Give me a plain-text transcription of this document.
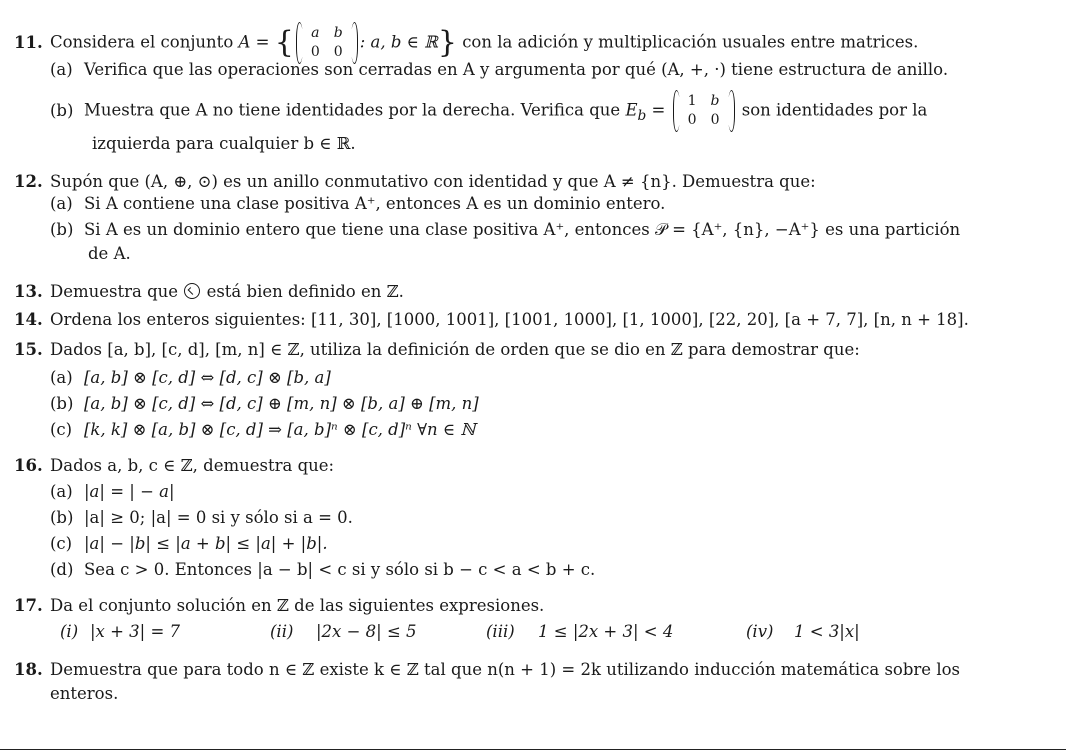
11. Considera el conjunto A = { a	b
0	0
: a, b ∈ ℝ} con la adición y multiplicación usuales entre matrices.
(a) Verifica que las operaciones son cerradas en A y argumenta por qué (A, +, ·) tiene estructura de anillo.
(b) Muestra que A no tiene identidades por la derecha. Verifica que $E_b = 1$	b
0	0
son identidades por la
izquierda para cualquier b ∈ ℝ.
12. Supón que (A, ⊕, ⊙) es un anillo conmutativo con identidad y que A ≠ {n}. Demuestra que:
(a) Si A contiene una clase positiva A⁺, entonces A es un dominio entero.
(b) Si A es un dominio entero que tiene una clase positiva A⁺, entonces 𝒫 = {A⁺, {n}, −A⁺} es una partición
de A.
13. Demuestra que está bien definido en ℤ.
14. Ordena los enteros siguientes: [11, 30], [1000, 1001], [1001, 1000], [1, 1000], [22, 20], [a + 7, 7], [n, n + 18].
15. Dados [a, b], [c, d], [m, n] ∈ ℤ, utiliza la definición de orden que se dio en ℤ para demostrar que:
(a) [a, b] ⊗ [c, d] ⇔ [d, c] ⊗ [b, a]
(b) [a, b] ⊗ [c, d] ⇔ [d, c] ⊕ [m, n] ⊗ [b, a] ⊕ [m, n]
(c) [k, k] ⊗ [a, b] ⊗ [c, d] ⇒ [a, b]ⁿ ⊗ [c, d]ⁿ ∀n ∈ ℕ
16. Dados a, b, c ∈ ℤ, demuestra que:
(a) |a| = | − a|
(b) |a| ≥ 0; |a| = 0 si y sólo si a = 0.
(c) |a| − |b| ≤ |a + b| ≤ |a| + |b|.
(d) Sea c > 0. Entonces |a − b| < c si y sólo si b − c < a < b + c.
17. Da el conjunto solución en ℤ de las siguientes expresiones.
(i) |x + 3| = 7	(ii) |2x − 8| ≤ 5	(iii) 1 ≤ |2x + 3| < 4	(iv) 1 < 3|x|
18. Demuestra que para todo n ∈ ℤ existe k ∈ ℤ tal que n(n + 1) = 2k utilizando inducción matemática sobre los
enteros.
